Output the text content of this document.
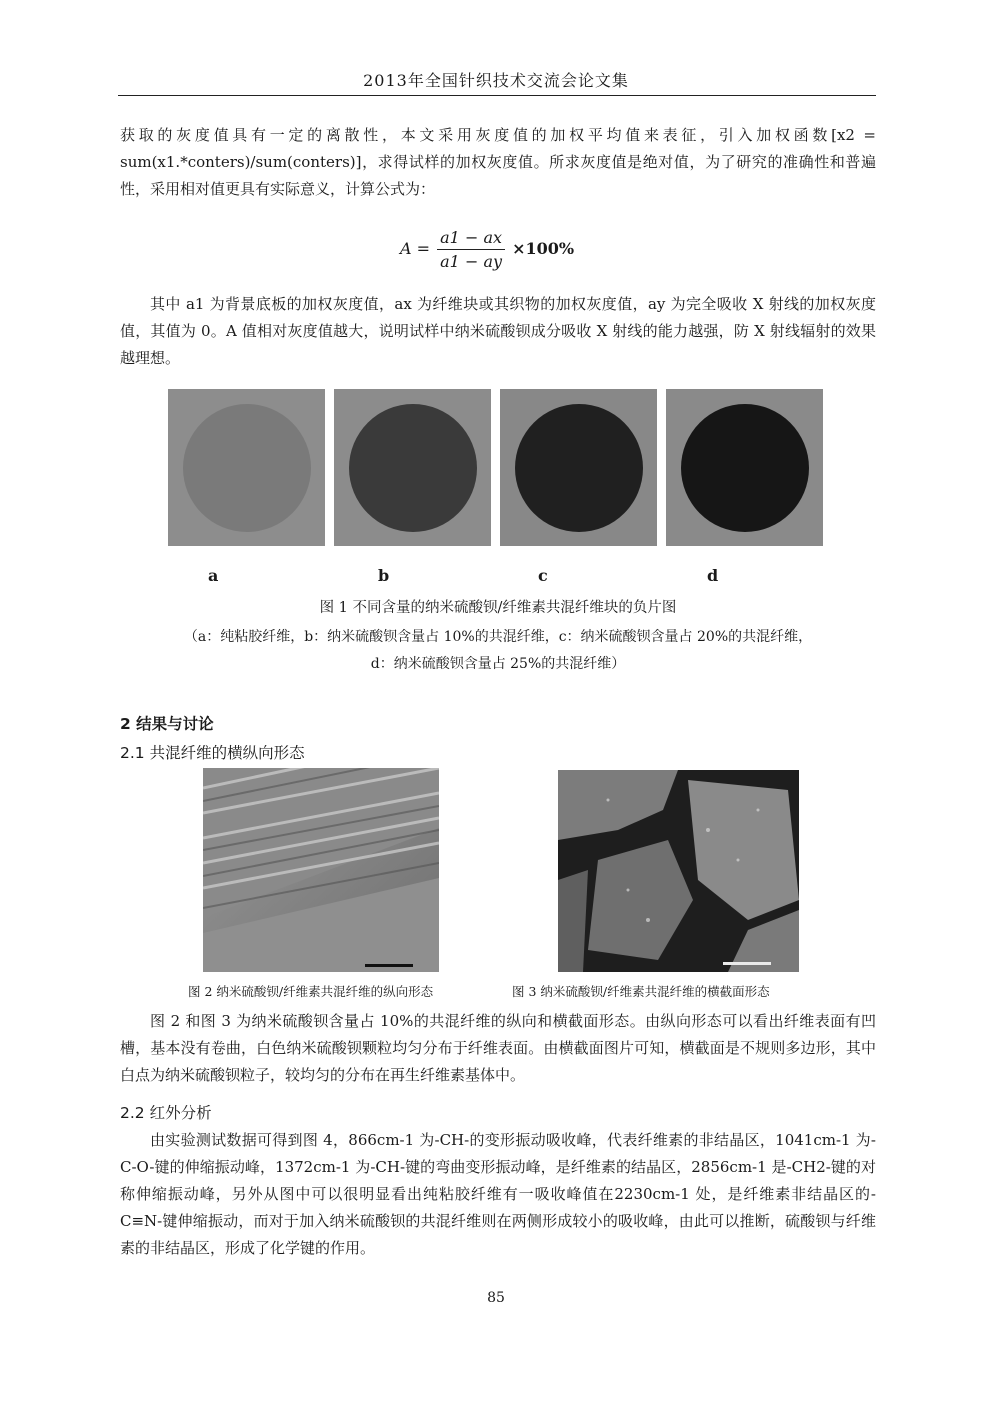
2013年全国针织技术交流会论文集

获取的灰度值具有一定的离散性，本文采用灰度值的加权平均值来表征，引入加权函数[x2 = sum(x1.*conters)/sum(conters)]，求得试样的加权灰度值。所求灰度值是绝对值，为了研究的准确性和普遍性，采用相对值更具有实际意义，计算公式为：

$A = \frac{a1 - ax}{a1 - ay} \times 100\%$

其中 a1 为背景底板的加权灰度值，ax 为纤维块或其织物的加权灰度值，ay 为完全吸收 X 射线的加权灰度值，其值为 0。A 值相对灰度值越大，说明试样中纳米硫酸钡成分吸收 X 射线的能力越强，防 X 射线辐射的效果越理想。

a	b	c	d
图 1 不同含量的纳米硫酸钡/纤维素共混纤维块的负片图
（a：纯粘胶纤维，b：纳米硫酸钡含量占 10%的共混纤维，c：纳米硫酸钡含量占 20%的共混纤维，
d：纳米硫酸钡含量占 25%的共混纤维）
2 结果与讨论
2.1 共混纤维的横纵向形态
图 2 纳米硫酸钡/纤维素共混纤维的纵向形态	图 3 纳米硫酸钡/纤维素共混纤维的横截面形态

图 2 和图 3 为纳米硫酸钡含量占 10%的共混纤维的纵向和横截面形态。由纵向形态可以看出纤维表面有凹槽，基本没有卷曲，白色纳米硫酸钡颗粒均匀分布于纤维表面。由横截面图片可知，横截面是不规则多边形，其中白点为纳米硫酸钡粒子，较均匀的分布在再生纤维素基体中。

2.2 红外分析

由实验测试数据可得到图 4，866cm-1 为-CH-的变形振动吸收峰，代表纤维素的非结晶区，1041cm-1 为-C-O-键的伸缩振动峰，1372cm-1 为-CH-键的弯曲变形振动峰，是纤维素的结晶区，2856cm-1 是-CH2-键的对称伸缩振动峰，另外从图中可以很明显看出纯粘胶纤维有一吸收峰值在2230cm-1 处，是纤维素非结晶区的-C≡N-键伸缩振动，而对于加入纳米硫酸钡的共混纤维则在两侧形成较小的吸收峰，由此可以推断，硫酸钡与纤维素的非结晶区，形成了化学键的作用。

85
